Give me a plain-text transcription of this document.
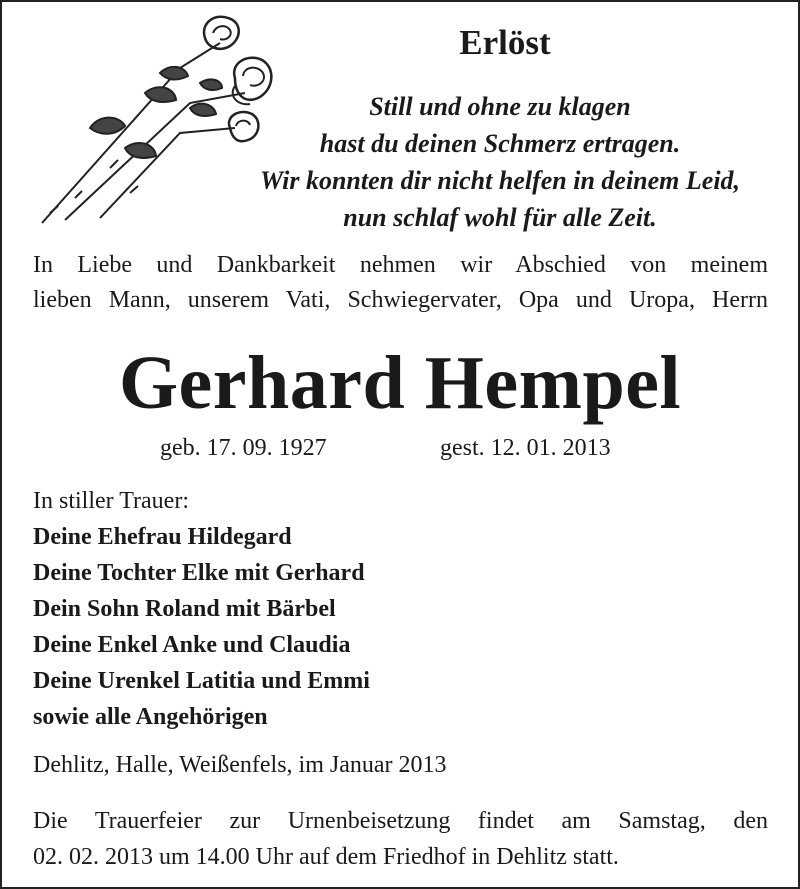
Erlöst
Still und ohne zu klagen
hast du deinen Schmerz ertragen.
Wir konnten dir nicht helfen in deinem Leid,
nun schlaf wohl für alle Zeit.
In Liebe und Dankbarkeit nehmen wir Abschied von meinem
lieben Mann, unserem Vati, Schwiegervater, Opa und Uropa, Herrn
Gerhard Hempel
geb. 17. 09. 1927	gest. 12. 01. 2013
In stiller Trauer:
Deine Ehefrau Hildegard
Deine Tochter Elke mit Gerhard
Dein Sohn Roland mit Bärbel
Deine Enkel Anke und Claudia
Deine Urenkel Latitia und Emmi
sowie alle Angehörigen
Dehlitz, Halle, Weißenfels, im Januar 2013
Die Trauerfeier zur Urnenbeisetzung findet am Samstag, den
02. 02. 2013 um 14.00 Uhr auf dem Friedhof in Dehlitz statt.
